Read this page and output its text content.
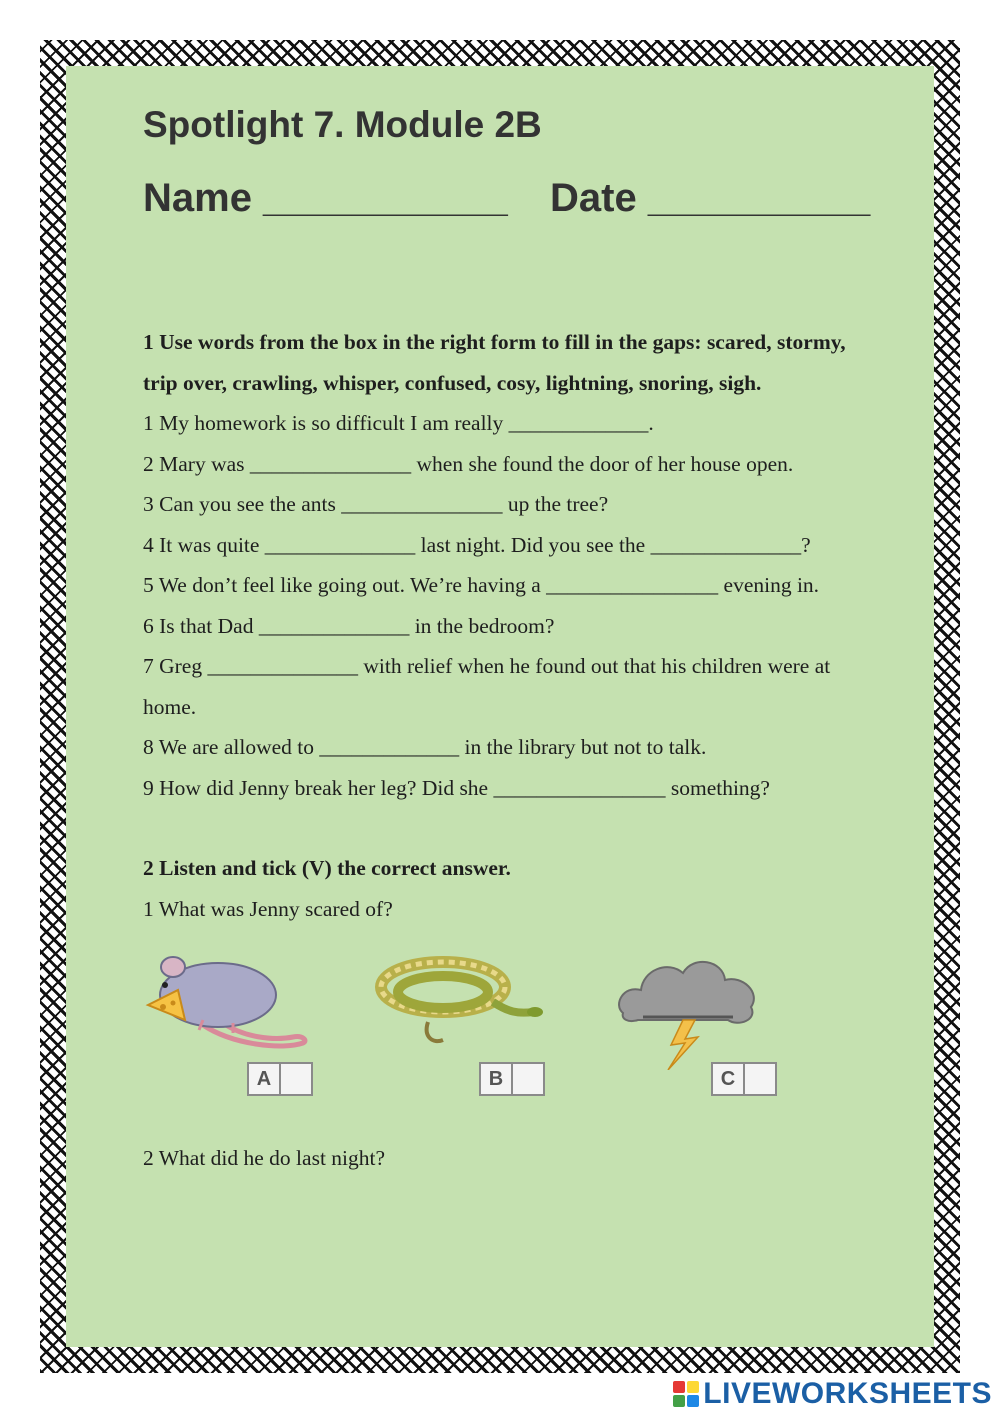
Spotlight 7. Module 2B
Name ___________ Date __________
1 Use words from the box in the right form to fill in the gaps: scared, stormy,
trip over, crawling, whisper, confused, cosy, lightning, snoring, sigh.
1 My homework is so difficult I am really _____________.
2 Mary was _______________ when she found the door of her house open.
3 Can you see the ants _______________ up the tree?
4 It was quite ______________ last night. Did you see the ______________?
5 We don’t feel like going out. We’re having a ________________ evening in.
6 Is that Dad ______________ in the bedroom?
7 Greg ______________ with relief when he found out that his children were at
home.
8 We are allowed to _____________ in the library but not to talk.
9 How did Jenny break her leg? Did she ________________ something?
2 Listen and tick (V) the correct answer.
1 What was Jenny scared of?
A	B	C
2 What did he do last night?
LIVEWORKSHEETS
